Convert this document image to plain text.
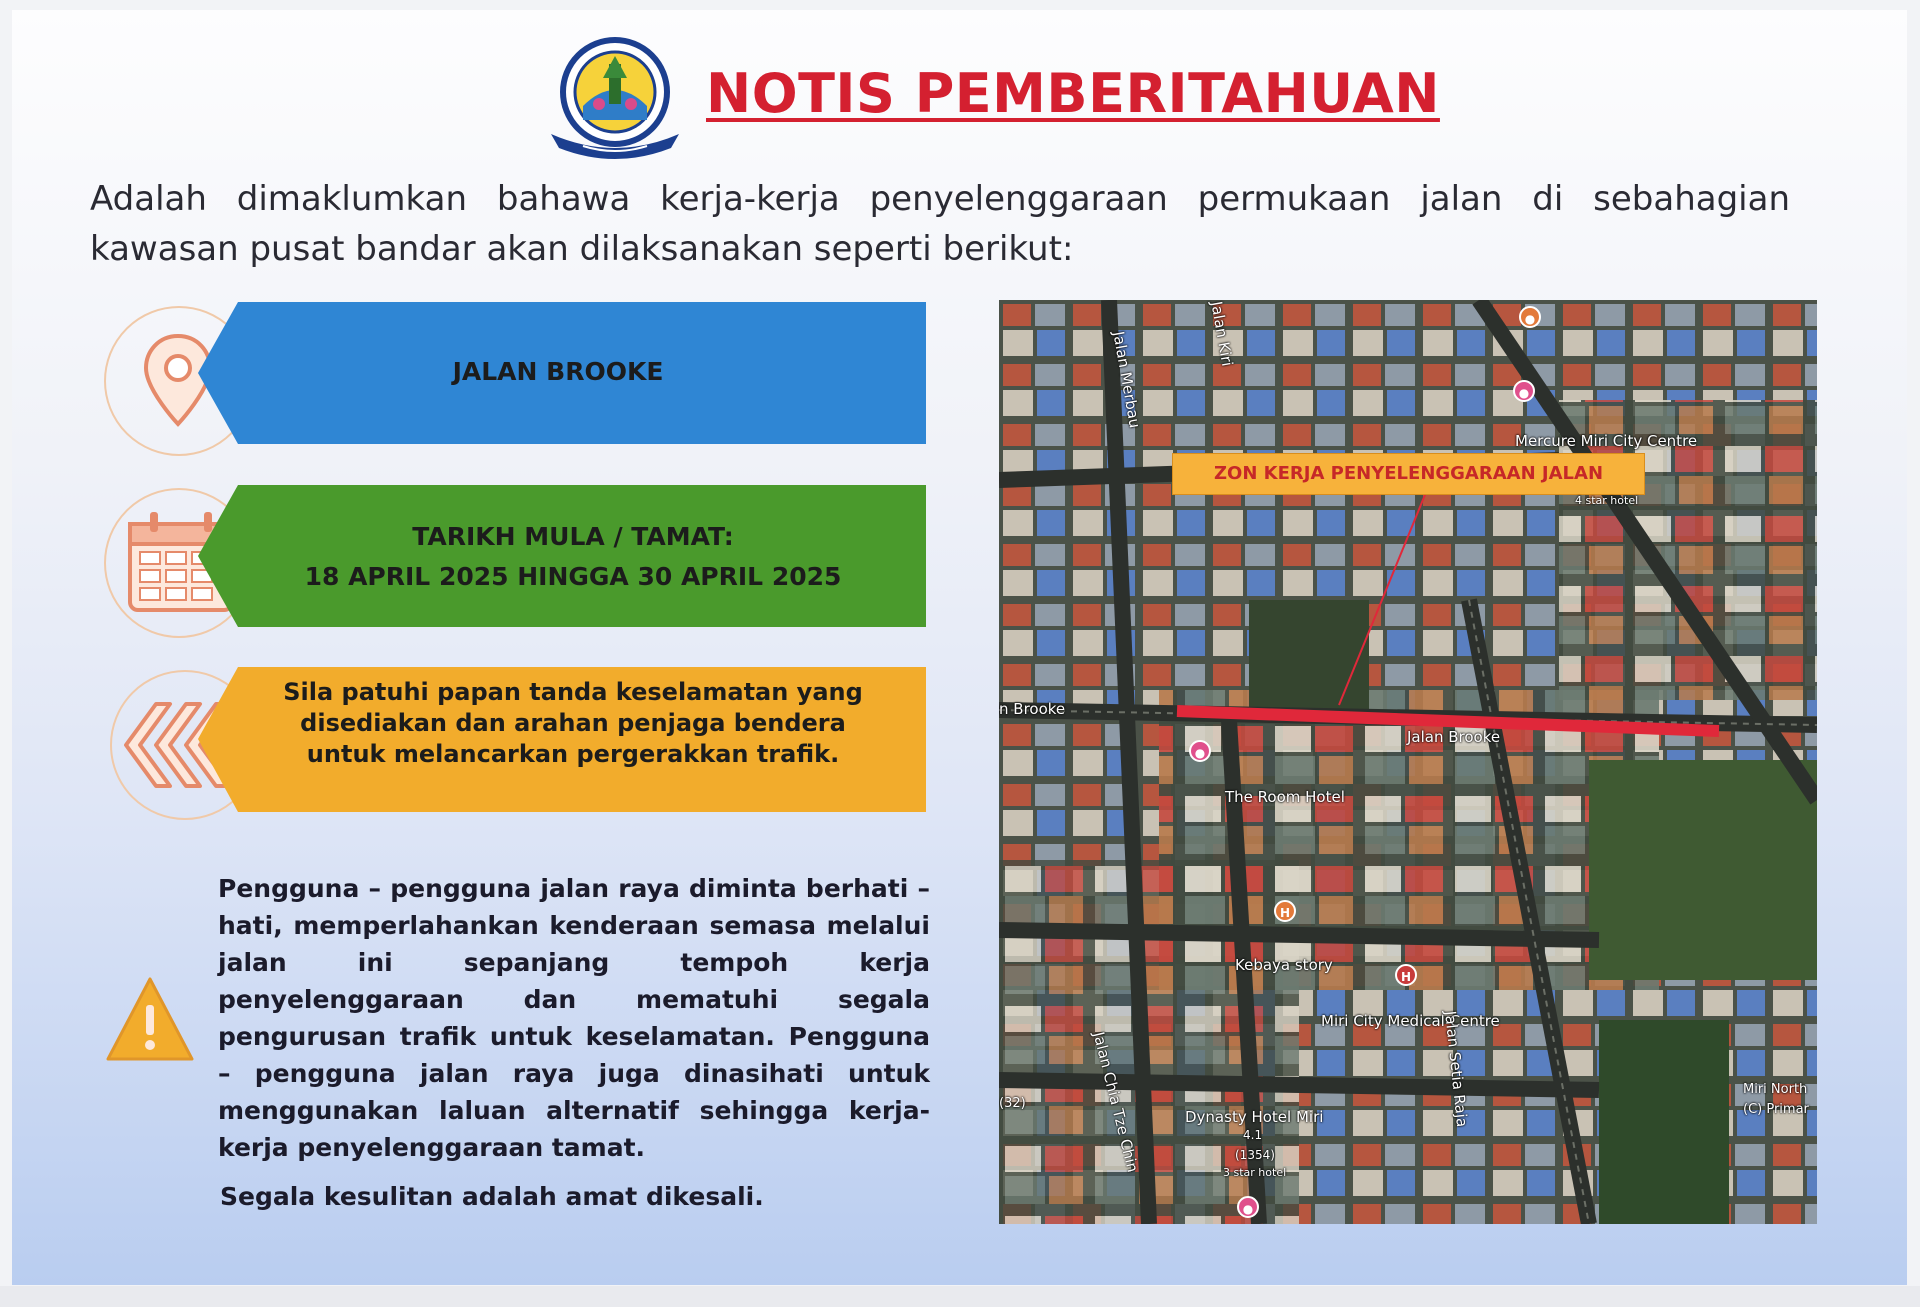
NOTIS PEMBERITAHUAN
Adalah dimaklumkan bahawa kerja-kerja penyelenggaraan permukaan jalan di sebahagian kawasan pusat bandar akan dilaksanakan seperti berikut:
JALAN BROOKE
TARIKH MULA / TAMAT:
18 APRIL 2025 HINGGA 30 APRIL 2025
Sila patuhi papan tanda keselamatan yang disediakan dan arahan penjaga bendera untuk melancarkan pergerakkan trafik.
Pengguna – pengguna jalan raya diminta berhati – hati, memperlahankan kenderaan semasa melalui jalan ini sepanjang tempoh kerja penyelenggaraan dan mematuhi segala pengurusan trafik untuk keselamatan. Pengguna – pengguna jalan raya juga dinasihati untuk menggunakan laluan alternatif sehingga kerja-kerja penyelenggaraan tamat.
Segala kesulitan adalah amat dikesali.
ZON KERJA PENYELENGGARAAN JALAN
●
●
●
H
H
●
Mercure Miri City Centre
4 star hotel
n Brooke
Jalan Brooke
The Room Hotel
Kebaya story
Miri City Medical Centre
Dynasty Hotel Miri
4.1
(1354)
3 star hotel
Jalan Setia Raja
Jalan Chia Tze Chin
Jalan Merbau	Jalan Kiri
Miri North
(C) Primar
(32)
